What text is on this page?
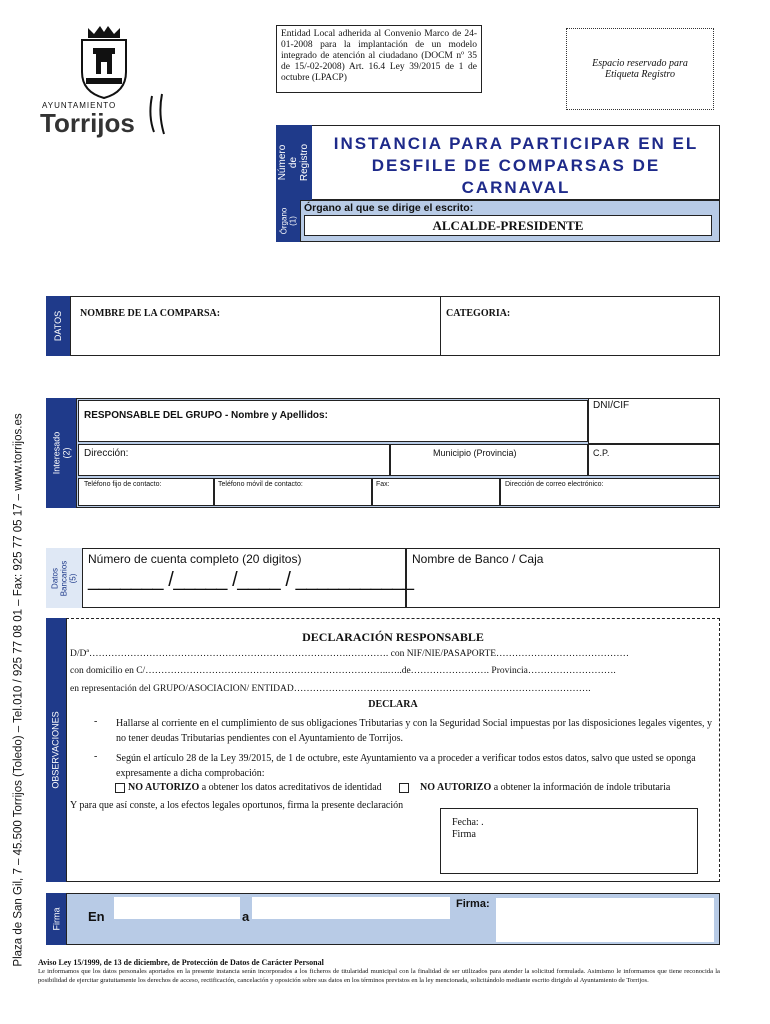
AYUNTAMIENTO
Torrijos
Plaza de San Gil, 7 – 45.500 Torrijos (Toledo) – Tel.010 / 925 77 08 01 – Fax: 925 77 05 17 – www.torrijos.es
Entidad Local adherida al Convenio Marco de 24-01-2008 para la implantación de un modelo integrado de atención al ciudadano (DOCM nº 35 de 15/-02-2008) Art. 16.4 Ley 39/2015 de 1 de octubre (LPACP)
Espacio reservado para
Etiqueta Registro
Número de Registro
INSTANCIA PARA PARTICIPAR EN EL
DESFILE DE COMPARSAS DE
CARNAVAL
Órgano (1)
Órgano al que se dirige el escrito:
ALCALDE-PRESIDENTE
DATOS NOMBRE DE LA COMPARSA:	CATEGORIA:
Interesado (2)
RESPONSABLE DEL GRUPO - Nombre y Apellidos:
DNI/CIF
Dirección:	Municipio (Provincia)	C.P.
Teléfono fijo de contacto:	Teléfono móvil de contacto:	Fax:	Dirección de correo electrónico:
Datos Bancarios (5)
Número de cuenta completo (20 digitos)
_______ /_____ /____ / ___________
Nombre de Banco / Caja
OBSERVACIONES
DECLARACIÓN RESPONSABLE
D/Dª……………………………………………………………………….…………. con NIF/NIE/PASAPORTE……………………………………
con domicilio en C/…………………………………………………………………..…..de……………………. Provincia……………………….
en representación del GRUPO/ASOCIACIÓN/ ENTIDAD………………………………………………………………………………….
DECLARA
- Hallarse al corriente en el cumplimiento de sus obligaciones Tributarias y con la Seguridad Social impuestas por las disposiciones legales vigentes, y no tener deudas Tributarias pendientes con el Ayuntamiento de Torrijos.
- Según el artículo 28 de la Ley 39/2015, de 1 de octubre, este Ayuntamiento va a proceder a verificar todos estos datos, salvo que usted se oponga expresamente a dicha comprobación:
NO AUTORIZO a obtener los datos acreditativos de identidad	NO AUTORIZO a obtener la información de índole tributaria
Y para que así conste, a los efectos legales oportunos, firma la presente declaración
Fecha: .
Firma
Firma En	a
Firma:
Aviso Ley 15/1999, de 13 de diciembre, de Protección de Datos de Carácter Personal
Le informamos que los datos personales aportados en la presente instancia serán incorporados a los ficheros de titularidad municipal con la finalidad de ser utilizados para atender la solicitud formulada. Asimismo le informamos que tiene reconocida la posibilidad de ejercitar gratuitamente los derechos de acceso, rectificación, cancelación y oposición sobre sus datos en los términos previstos en la ley mencionada, solicitándolo mediante escrito dirigido al Ayuntamiento de Torrijos.
